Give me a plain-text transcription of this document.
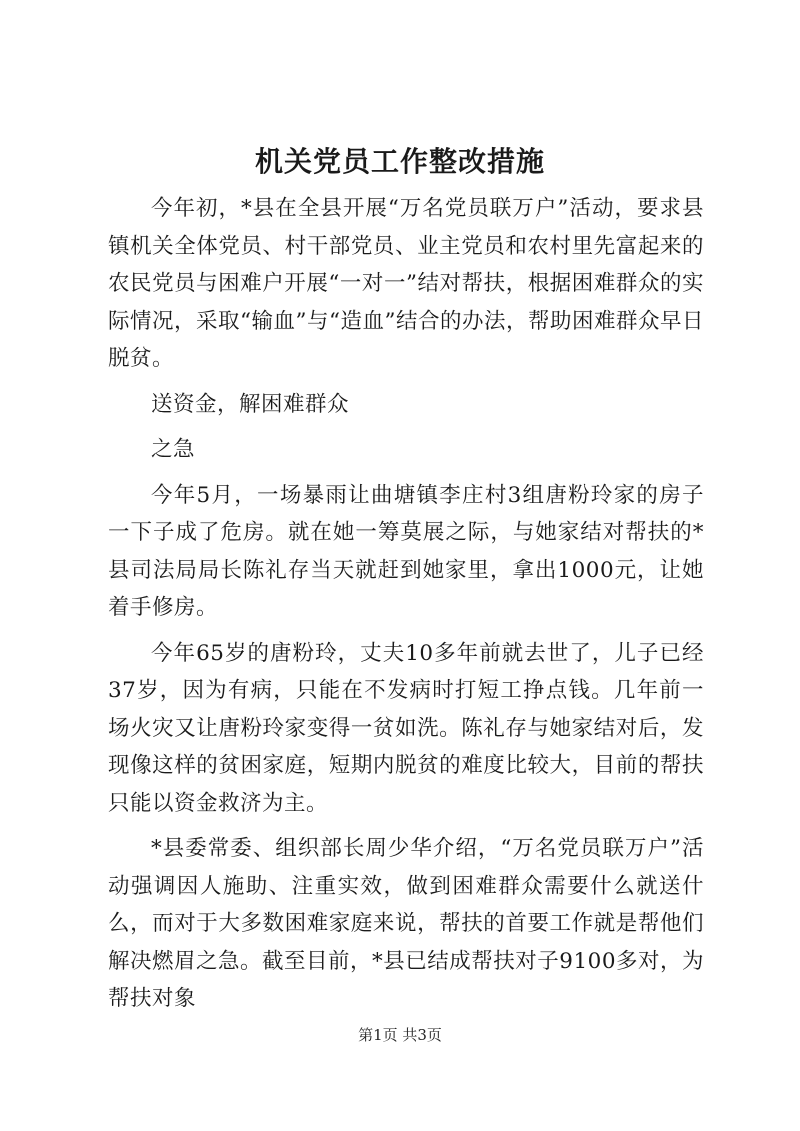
机关党员工作整改措施

今年初，*县在全县开展“万名党员联万户”活动，要求县镇机关全体党员、村干部党员、业主党员和农村里先富起来的农民党员与困难户开展“一对一”结对帮扶，根据困难群众的实际情况，采取“输血”与“造血”结合的办法，帮助困难群众早日脱贫。

送资金，解困难群众

之急

今年5月，一场暴雨让曲塘镇李庄村3组唐粉玲家的房子一下子成了危房。就在她一筹莫展之际，与她家结对帮扶的*县司法局局长陈礼存当天就赶到她家里，拿出1000元，让她着手修房。

今年65岁的唐粉玲，丈夫10多年前就去世了，儿子已经37岁，因为有病，只能在不发病时打短工挣点钱。几年前一场火灾又让唐粉玲家变得一贫如洗。陈礼存与她家结对后，发现像这样的贫困家庭，短期内脱贫的难度比较大，目前的帮扶只能以资金救济为主。

*县委常委、组织部长周少华介绍，“万名党员联万户”活动强调因人施助、注重实效，做到困难群众需要什么就送什么，而对于大多数困难家庭来说，帮扶的首要工作就是帮他们解决燃眉之急。截至目前，*县已结成帮扶对子9100多对，为帮扶对象

第1页 共3页
